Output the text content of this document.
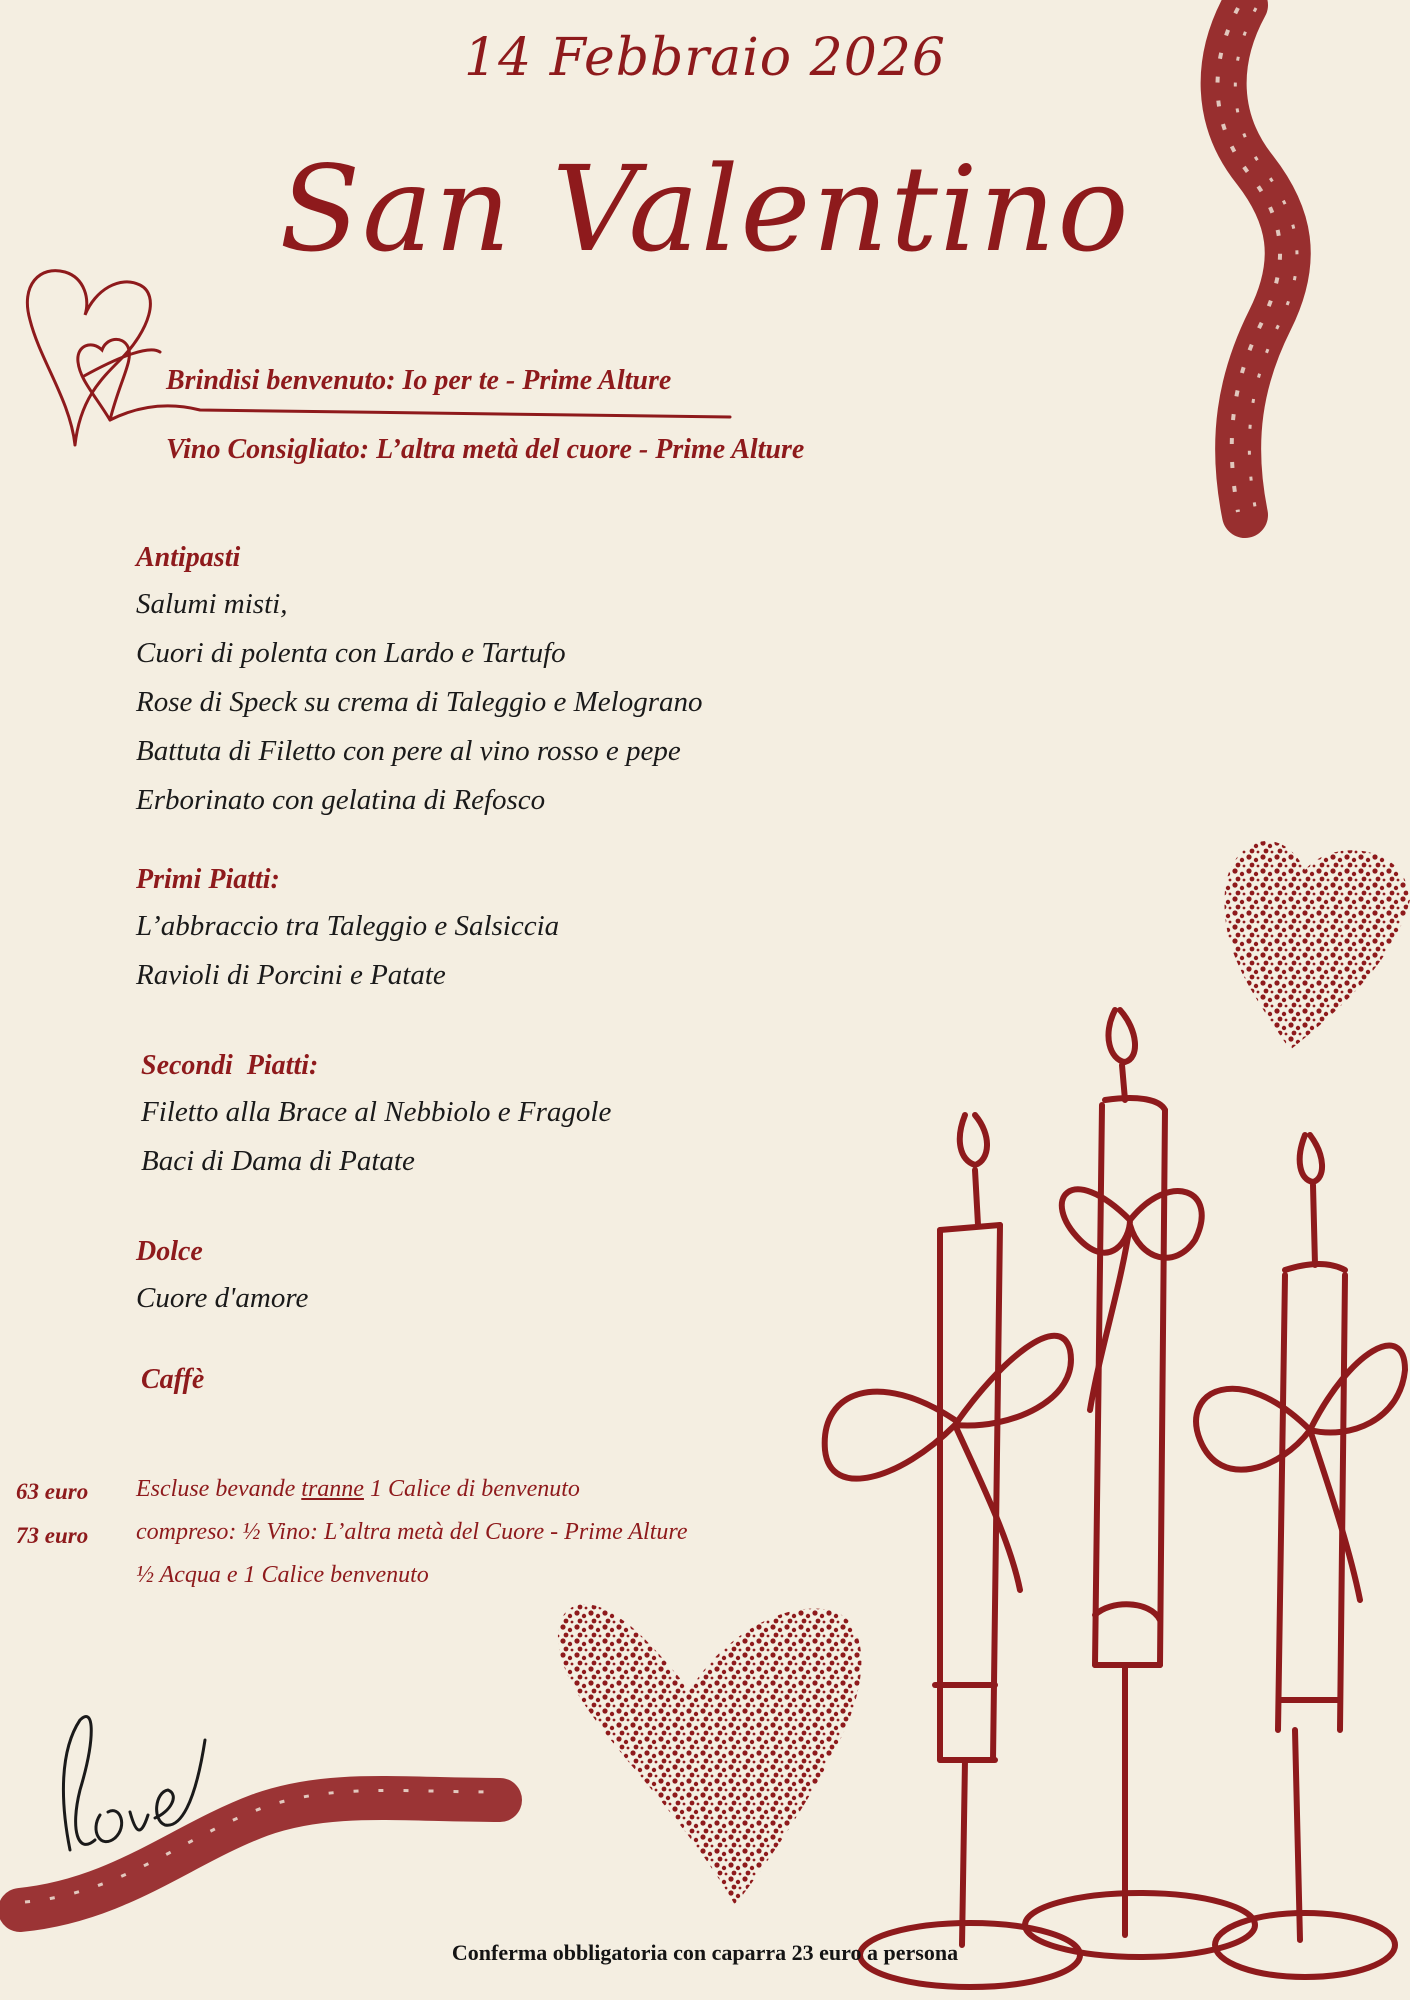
14 Febbraio 2026
San Valentino
Brindisi benvenuto: Io per te - Prime Alture
Vino Consigliato: L’altra metà del cuore - Prime Alture
Antipasti
Salumi misti,
Cuori di polenta con Lardo e Tartufo
Rose di Speck su crema di Taleggio e Melograno
Battuta di Filetto con pere al vino rosso e pepe
Erborinato con gelatina di Refosco
Primi Piatti:
L’abbraccio tra Taleggio e Salsiccia
Ravioli di Porcini e Patate
Secondi  Piatti:
Filetto alla Brace al Nebbiolo e Fragole
Baci di Dama di Patate
Dolce
Cuore d'amore
Caffè
63 euro
73 euro
Escluse bevande tranne 1 Calice di benvenuto
compreso: ½ Vino: L’altra metà del Cuore - Prime Alture
½ Acqua e 1 Calice benvenuto
Conferma obbligatoria con caparra 23 euro a persona
